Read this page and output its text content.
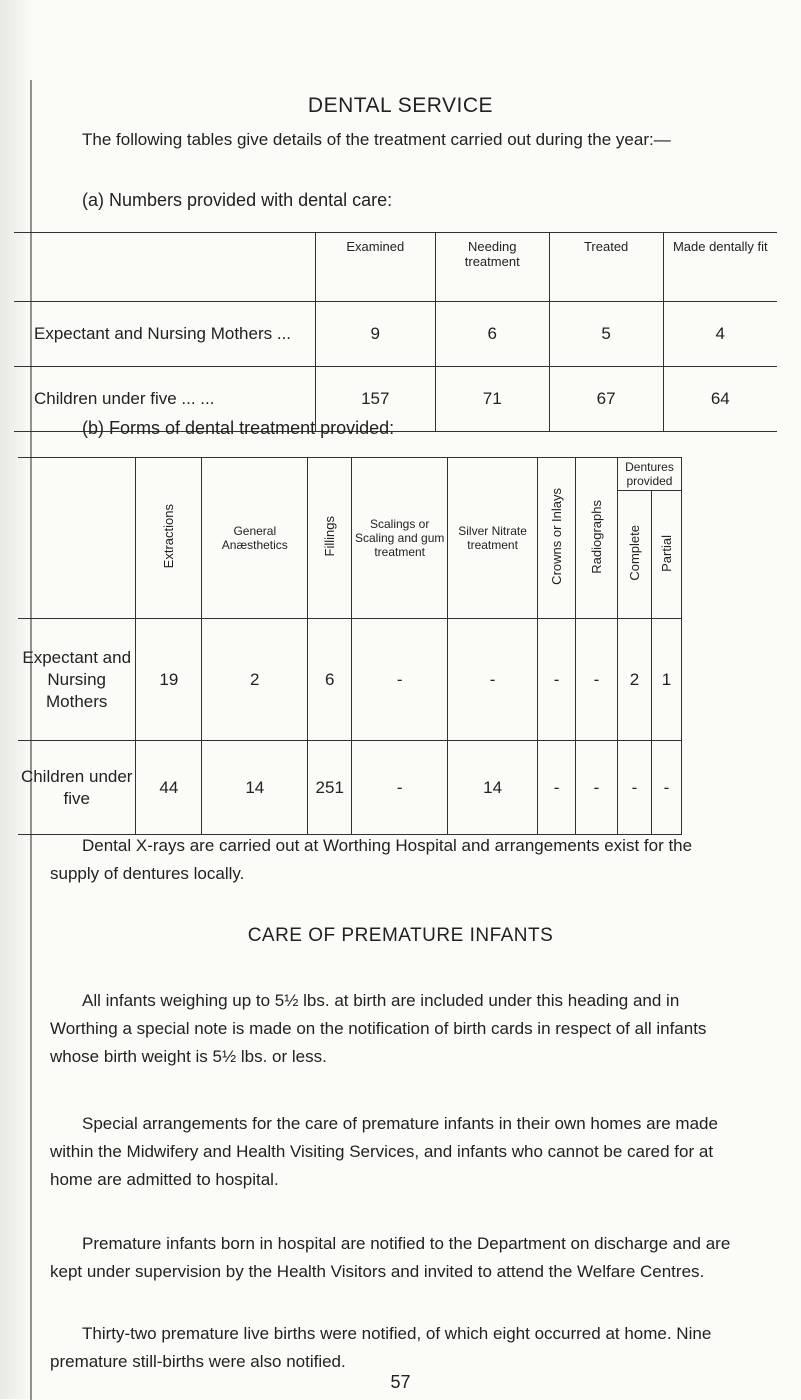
DENTAL SERVICE

The following tables give details of the treatment carried out during the year:—

(a) Numbers provided with dental care:
	Examined	Needing treatment	Treated	Made dentally fit
Expectant and Nursing Mothers ...	9	6	5	4
Children under five ... ...	157	71	67	64
(b) Forms of dental treatment provided:
	Extractions	General Anæsthetics	Fillings	Scalings or Scaling and gum treatment	Silver Nitrate treatment	Crowns or Inlays	Radiographs	Dentures provided	
								Complete	Partial
Expectant and Nursing Mothers	19	2	6	-	-	-	-	2	1
Children under five	44	14	251	-	14	-	-	-	-

Dental X-rays are carried out at Worthing Hospital and arrangements exist for the supply of dentures locally.

CARE OF PREMATURE INFANTS

All infants weighing up to 5½ lbs. at birth are included under this heading and in Worthing a special note is made on the notification of birth cards in respect of all infants whose birth weight is 5½ lbs. or less.

Special arrangements for the care of premature infants in their own homes are made within the Midwifery and Health Visiting Services, and infants who cannot be cared for at home are admitted to hospital.

Premature infants born in hospital are notified to the Department on discharge and are kept under supervision by the Health Visitors and invited to attend the Welfare Centres.

Thirty-two premature live births were notified, of which eight occurred at home. Nine premature still-births were also notified.

57
